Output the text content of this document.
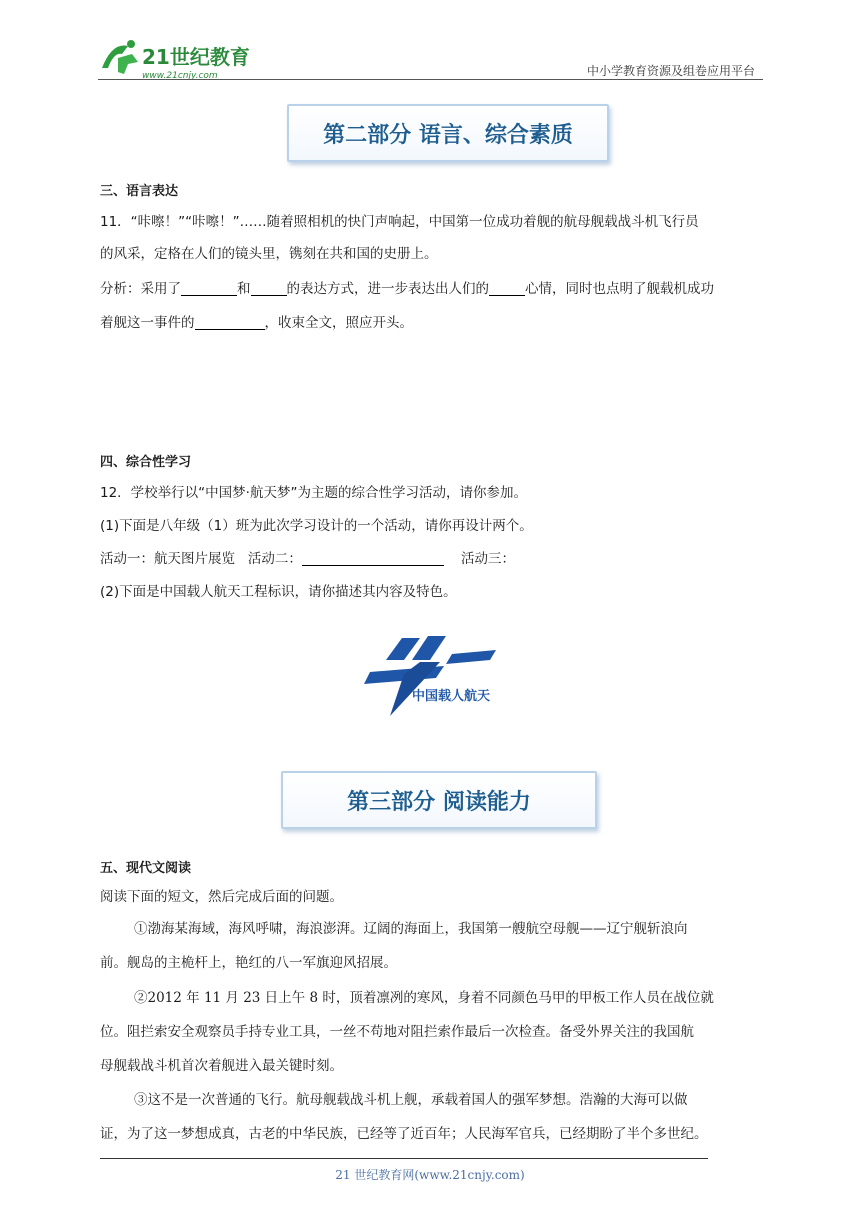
21世纪教育
www.21cnjy.com	中小学教育资源及组卷应用平台
第二部分 语言、综合素质
三、语言表达
11．“咔嚓！”“咔嚓！”……随着照相机的快门声响起，中国第一位成功着舰的航母舰载战斗机飞行员
的风采，定格在人们的镜头里，镌刻在共和国的史册上。
分析：采用了	和	的表达方式，进一步表达出人们的	心情，同时也点明了舰载机成功
着舰这一事件的	，收束全文，照应开头。
四、综合性学习
12．学校举行以“中国梦·航天梦”为主题的综合性学习活动，请你参加。
(1)下面是八年级（1）班为此次学习设计的一个活动，请你再设计两个。
活动一：航天图片展览 活动二：	活动三：
(2)下面是中国载人航天工程标识，请你描述其内容及特色。
中国载人航天
第三部分 阅读能力
五、现代文阅读
阅读下面的短文，然后完成后面的问题。
①渤海某海域，海风呼啸，海浪澎湃。辽阔的海面上，我国第一艘航空母舰——辽宁舰斩浪向
前。舰岛的主桅杆上，艳红的八一军旗迎风招展。
②2012 年 11 月 23 日上午 8 时，顶着凛冽的寒风，身着不同颜色马甲的甲板工作人员在战位就
位。阻拦索安全观察员手持专业工具，一丝不苟地对阻拦索作最后一次检查。备受外界关注的我国航
母舰载战斗机首次着舰进入最关键时刻。
③这不是一次普通的飞行。航母舰载战斗机上舰，承载着国人的强军梦想。浩瀚的大海可以做
证，为了这一梦想成真，古老的中华民族，已经等了近百年；人民海军官兵，已经期盼了半个多世纪。
21 世纪教育网(www.21cnjy.com)
